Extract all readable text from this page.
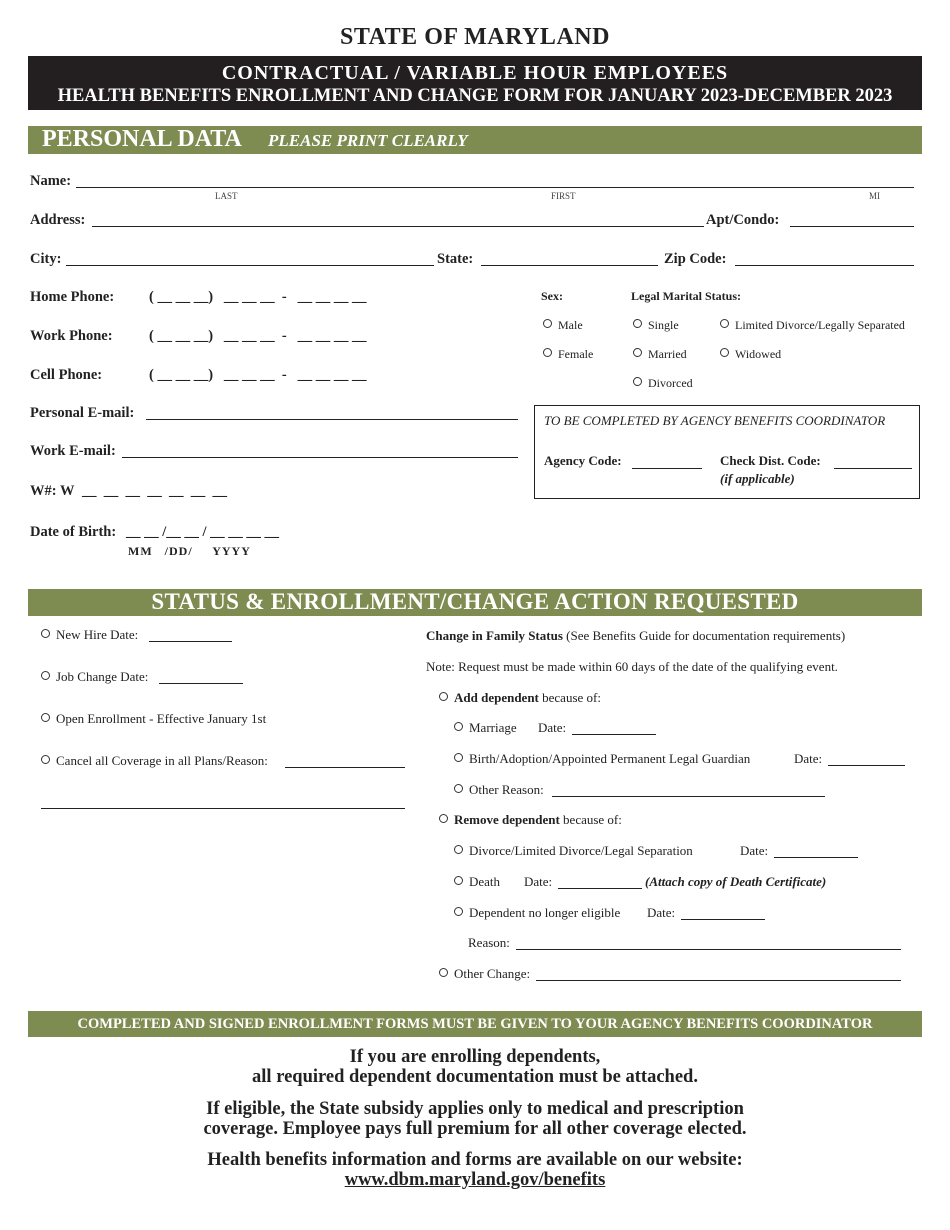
STATE OF MARYLAND
CONTRACTUAL / VARIABLE HOUR EMPLOYEES
HEALTH BENEFITS ENROLLMENT AND CHANGE FORM FOR JANUARY 2023-DECEMBER 2023
PERSONAL DATA PLEASE PRINT CLEARLY
Name:
LAST	FIRST	MI
Address:	Apt/Condo:
City:	State:	Zip Code:
Home Phone: ( __ __ __)   __ __ __  -   __ __ __ __
Work Phone:	( __ __ __)   __ __ __  -   __ __ __ __
Cell Phone:	( __ __ __)   __ __ __  -   __ __ __ __
Personal E-mail:
Work E-mail:
W#: W __  __  __  __  __  __  __
Date of Birth: __ __ /__ __ / __ __ __ __
MM   /DD/     YYYY
Sex:	Legal Marital Status:
Male
Female
Single
Married
Divorced
Limited Divorce/Legally Separated
Widowed
TO BE COMPLETED BY AGENCY BENEFITS COORDINATOR
Agency Code:	Check Dist. Code:
(if applicable)
STATUS & ENROLLMENT/CHANGE ACTION REQUESTED
New Hire Date:
Job Change Date:
Open Enrollment - Effective January 1st
Cancel all Coverage in all Plans/Reason:
Change in Family Status (See Benefits Guide for documentation requirements)
Note: Request must be made within 60 days of the date of the qualifying event.
Add dependent because of:
Marriage Date:
Birth/Adoption/Appointed Permanent Legal Guardian	Date:
Other Reason:
Remove dependent because of:
Divorce/Limited Divorce/Legal Separation	Date:
Death Date:	(Attach copy of Death Certificate)
Dependent no longer eligible Date:
Reason:
Other Change:
COMPLETED AND SIGNED ENROLLMENT FORMS MUST BE GIVEN TO YOUR AGENCY BENEFITS COORDINATOR
If you are enrolling dependents,
all required dependent documentation must be attached.
If eligible, the State subsidy applies only to medical and prescription
coverage. Employee pays full premium for all other coverage elected.
Health benefits information and forms are available on our website:
www.dbm.maryland.gov/benefits
